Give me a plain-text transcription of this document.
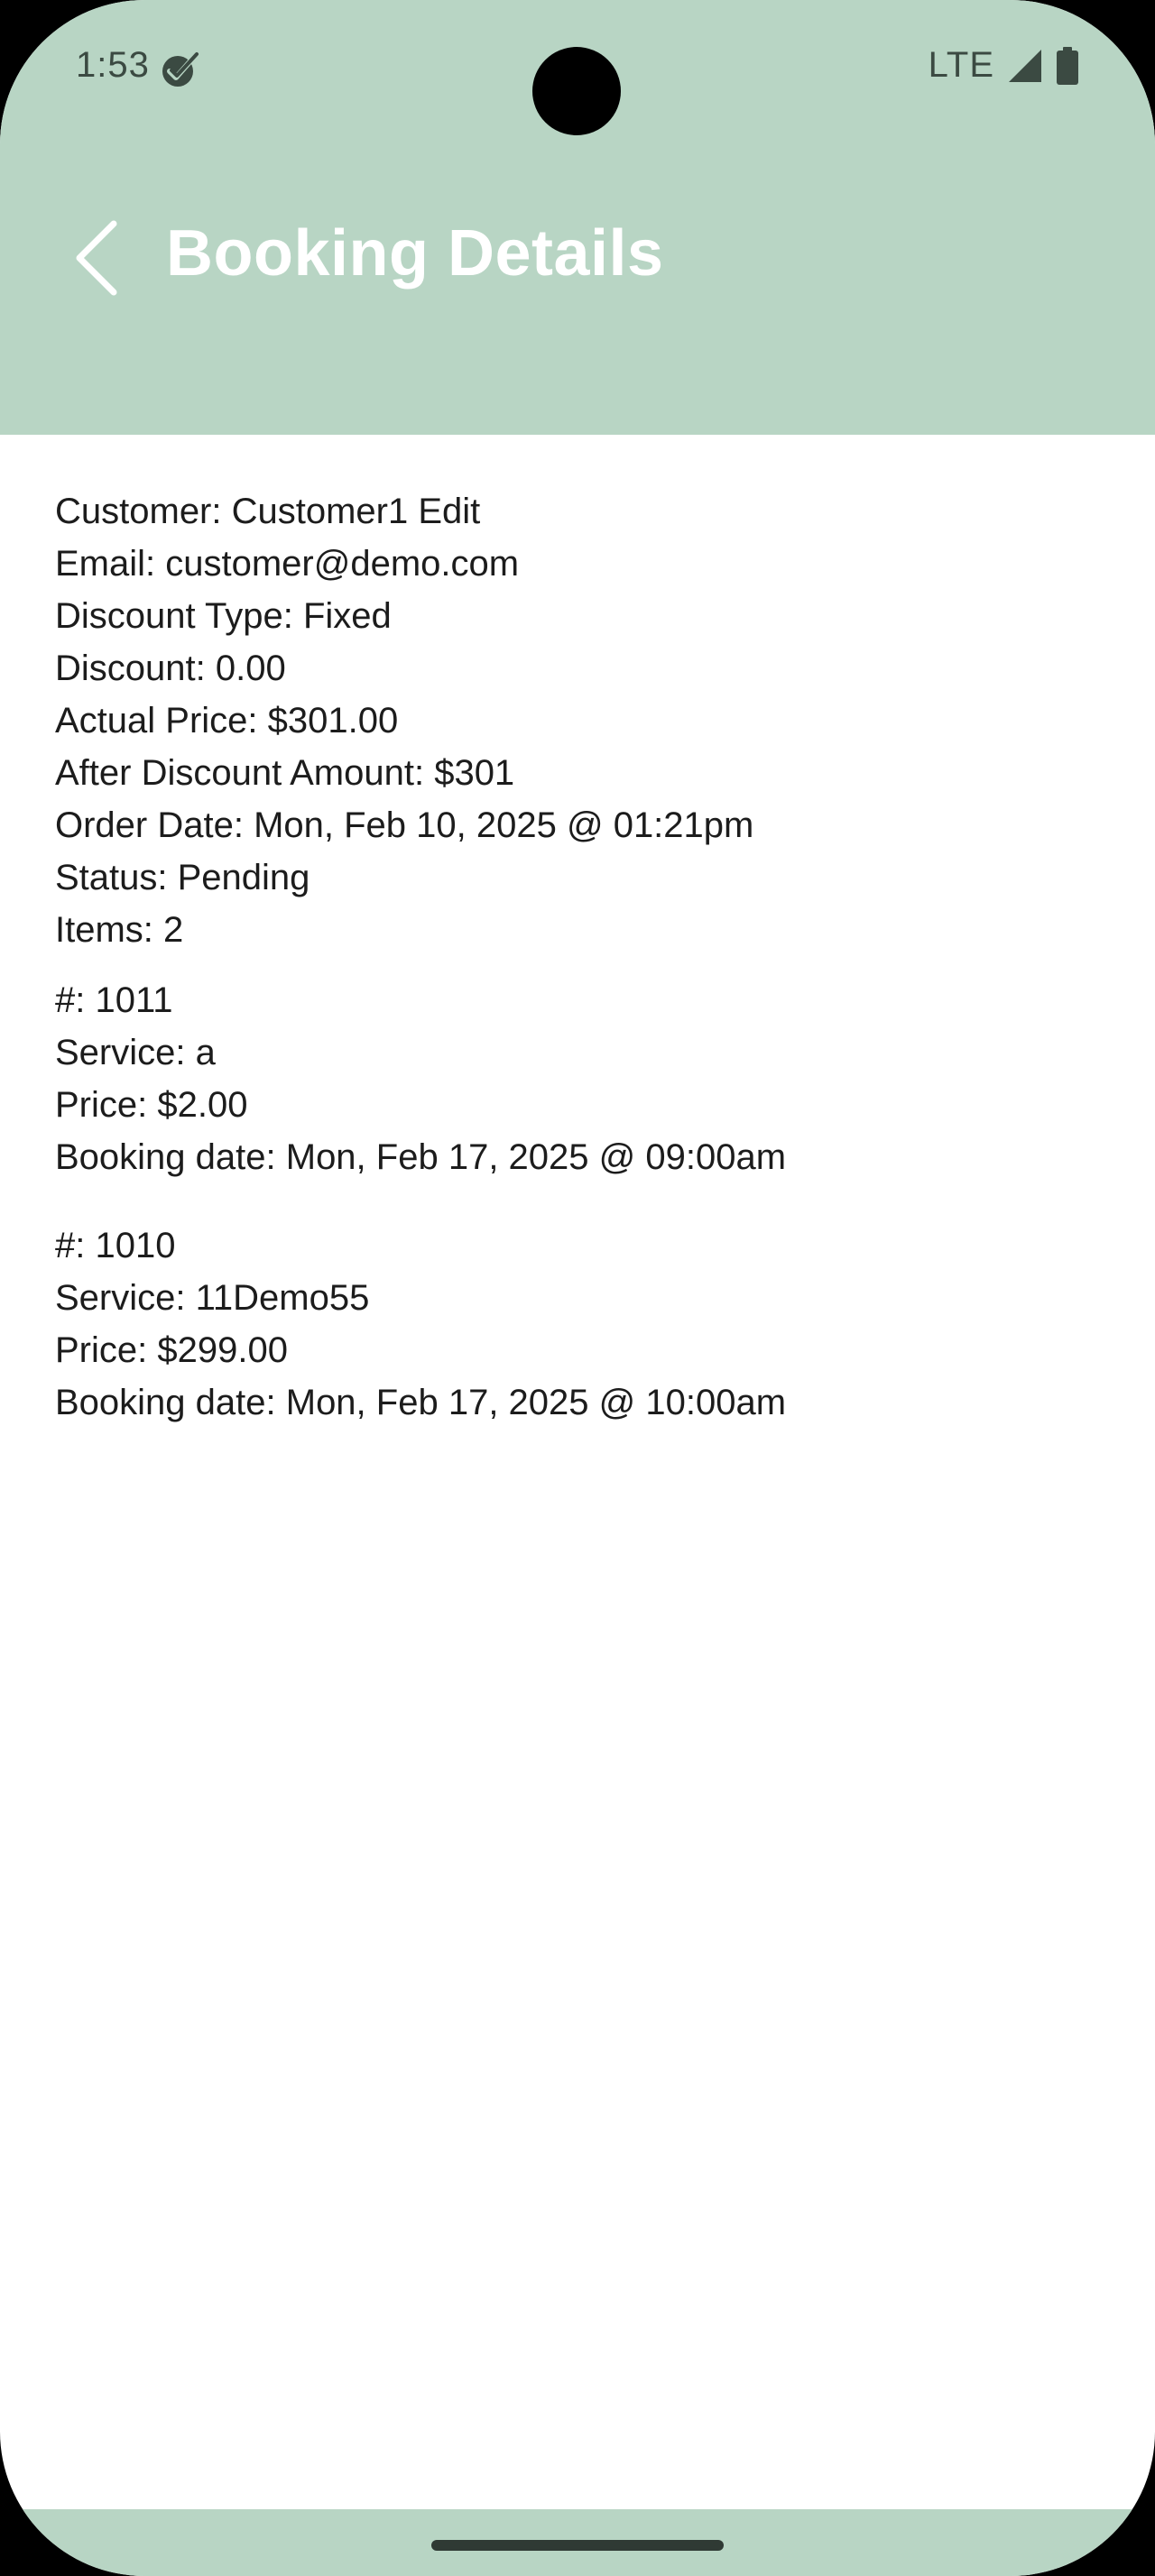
1:53	LTE
Booking Details
Customer: Customer1 Edit
Email: customer@demo.com
Discount Type: Fixed
Discount: 0.00
Actual Price: $301.00
After Discount Amount: $301
Order Date: Mon, Feb 10, 2025 @ 01:21pm
Status: Pending
Items: 2
#: 1011
Service: a
Price: $2.00
Booking date: Mon, Feb 17, 2025 @ 09:00am
#: 1010
Service: 11Demo55
Price: $299.00
Booking date: Mon, Feb 17, 2025 @ 10:00am
